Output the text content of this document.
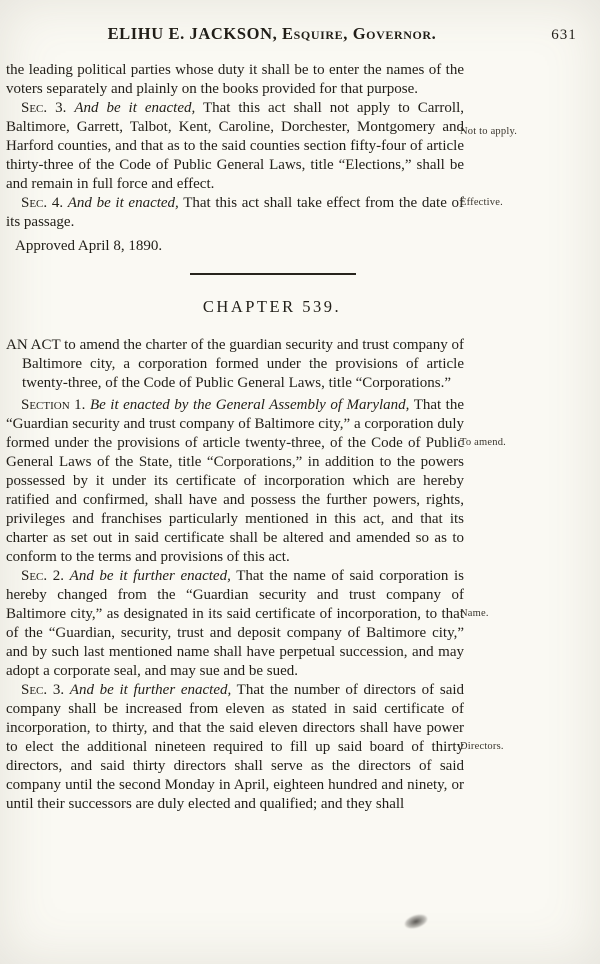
ELIHU E. JACKSON, Esquire, Governor.	631

the leading political parties whose duty it shall be to enter the names of the voters separately and plainly on the books provided for that purpose.

Sec. 3. And be it enacted, That this act shall not apply to Carroll, Baltimore, Garrett, Talbot, Kent, Caroline, Dorchester, Montgomery and Harford counties, and that as to the said counties section fifty-four of article thirty-three of the Code of Public General Laws, title “Elections,” shall be and remain in full force and effect.

Not to apply.

Sec. 4. And be it enacted, That this act shall take effect from the date of its passage.

Effective.

Approved April 8, 1890.

CHAPTER 539.

AN ACT to amend the charter of the guardian security and trust company of Baltimore city, a corporation formed under the provisions of article twenty-three, of the Code of Public General Laws, title “Corporations.”

Section 1. Be it enacted by the General Assembly of Maryland, That the “Guardian security and trust company of Baltimore city,” a corporation duly formed under the provisions of article twenty-three, of the Code of Public General Laws of the State, title “Corporations,” in addition to the powers possessed by it under its certificate of incorporation which are hereby ratified and confirmed, shall have and possess the further powers, rights, privileges and franchises particularly mentioned in this act, and that its charter as set out in said certificate shall be altered and amended so as to conform to the terms and provisions of this act.

To amend.

Sec. 2. And be it further enacted, That the name of said corporation is hereby changed from the “Guardian security and trust company of Baltimore city,” as designated in its said certificate of incorporation, to that of the “Guardian, security, trust and deposit company of Baltimore city,” and by such last mentioned name shall have perpetual succession, and may adopt a corporate seal, and may sue and be sued.

Name.

Sec. 3. And be it further enacted, That the number of directors of said company shall be increased from eleven as stated in said certificate of incorporation, to thirty, and that the said eleven directors shall have power to elect the additional nineteen required to fill up said board of thirty directors, and said thirty directors shall serve as the directors of said company until the second Monday in April, eighteen hundred and ninety, or until their successors are duly elected and qualified; and they shall

Directors.
